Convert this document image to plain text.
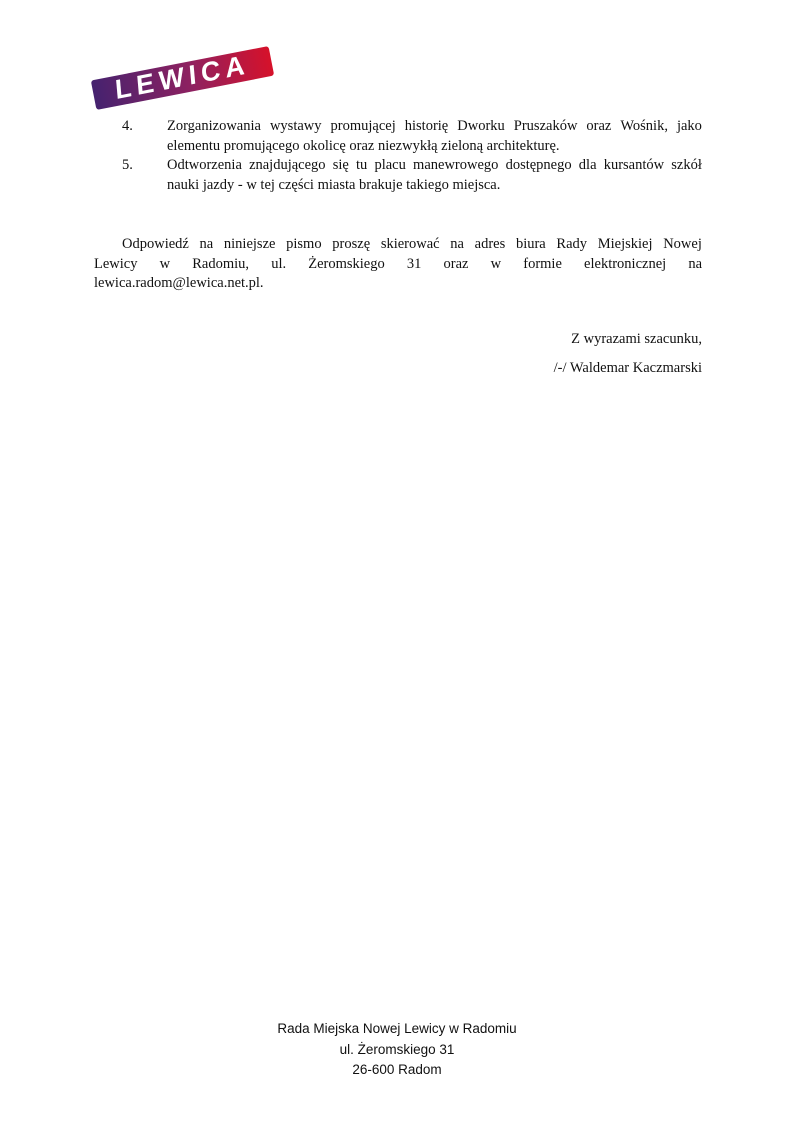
LEWICA
4.	Zorganizowania wystawy promującej historię Dworku Pruszaków oraz Wośnik, jako
elementu promującego okolicę oraz niezwykłą zieloną architekturę.
5.	Odtworzenia znajdującego się tu placu manewrowego dostępnego dla kursantów szkół
nauki jazdy - w tej części miasta brakuje takiego miejsca.
Odpowiedź na niniejsze pismo proszę skierować na adres biura Rady Miejskiej Nowej
Lewicy w Radomiu, ul. Żeromskiego 31 oraz w formie elektronicznej na
lewica.radom@lewica.net.pl.
Z wyrazami szacunku,
/-/ Waldemar Kaczmarski
Rada Miejska Nowej Lewicy w Radomiu
ul. Żeromskiego 31
26-600 Radom
